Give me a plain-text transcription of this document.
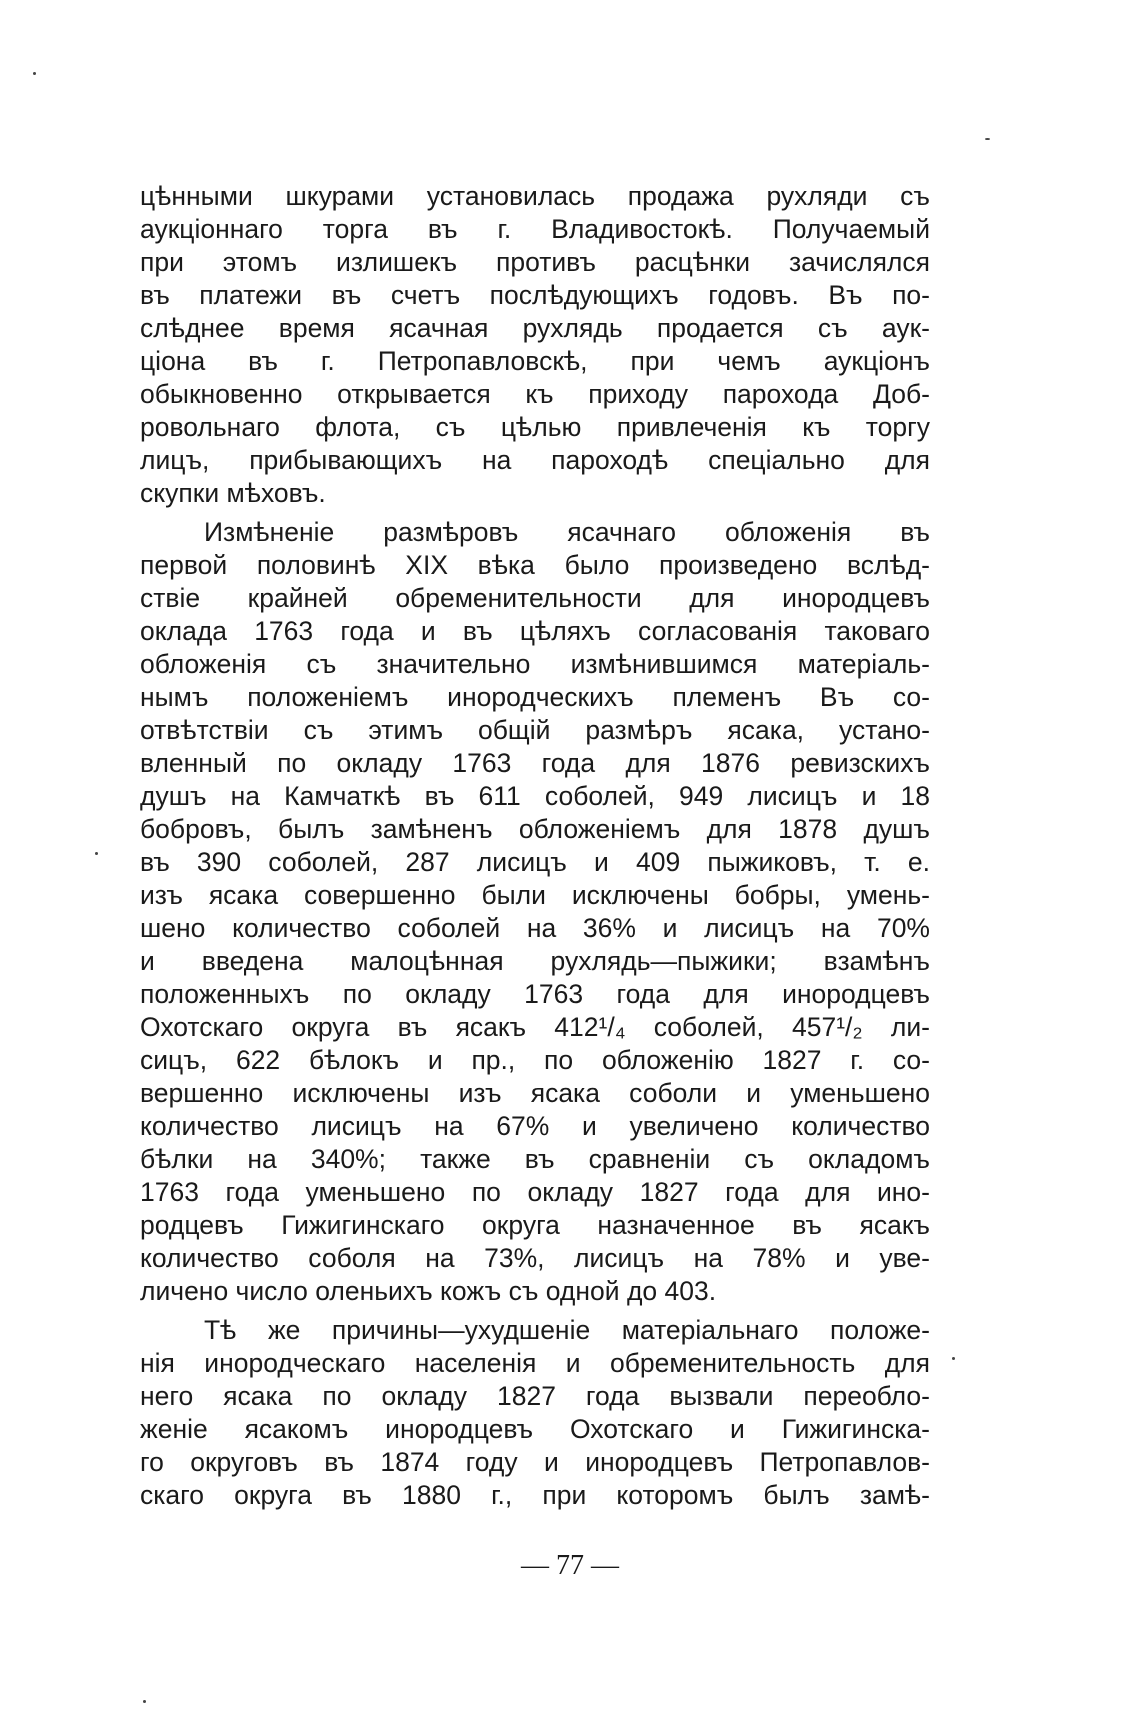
цѣнными шкурами установилась продажа рухляди съ
аукціоннаго торга въ г. Владивостокѣ. Получаемый
при этомъ излишекъ противъ расцѣнки зачислялся
въ платежи въ счетъ послѣдующихъ годовъ. Въ по-
слѣднее время ясачная рухлядь продается съ аук-
ціона въ г. Петропавловскѣ, при чемъ аукціонъ
обыкновенно открывается къ приходу парохода Доб-
ровольнаго флота, съ цѣлью привлеченія къ торгу
лицъ, прибывающихъ на пароходѣ спеціально для
скупки мѣховъ.
Измѣненіе размѣровъ ясачнаго обложенія въ
первой половинѣ XIX вѣка было произведено вслѣд-
ствіе крайней обременительности для инородцевъ
оклада 1763 года и въ цѣляхъ согласованія таковаго
обложенія съ значительно измѣнившимся матеріаль-
нымъ положеніемъ инородческихъ племенъ Въ со-
отвѣтствіи съ этимъ общій размѣръ ясака, устано-
вленный по окладу 1763 года для 1876 ревизскихъ
душъ на Камчаткѣ въ 611 соболей, 949 лисицъ и 18
бобровъ, былъ замѣненъ обложеніемъ для 1878 душъ
въ 390 соболей, 287 лисицъ и 409 пыжиковъ, т. е.
изъ ясака совершенно были исключены бобры, умень-
шено количество соболей на 36% и лисицъ на 70%
и введена малоцѣнная рухлядь—пыжики; взамѣнъ
положенныхъ по окладу 1763 года для инородцевъ
Охотскаго округа въ ясакъ 412¹/₄ соболей, 457¹/₂ ли-
сицъ, 622 бѣлокъ и пр., по обложенію 1827 г. со-
вершенно исключены изъ ясака соболи и уменьшено
количество лисицъ на 67% и увеличено количество
бѣлки на 340%; также въ сравненіи съ окладомъ
1763 года уменьшено по окладу 1827 года для ино-
родцевъ Гижигинскаго округа назначенное въ ясакъ
количество соболя на 73%, лисицъ на 78% и уве-
личено число оленьихъ кожъ съ одной до 403.
Тѣ же причины—ухудшеніе матеріальнаго положе-
нія инородческаго населенія и обременительность для
него ясака по окладу 1827 года вызвали переобло-
женіе ясакомъ инородцевъ Охотскаго и Гижигинска-
го округовъ въ 1874 году и инородцевъ Петропавлов-
скаго округа въ 1880 г., при которомъ былъ замѣ-
— 77 —
